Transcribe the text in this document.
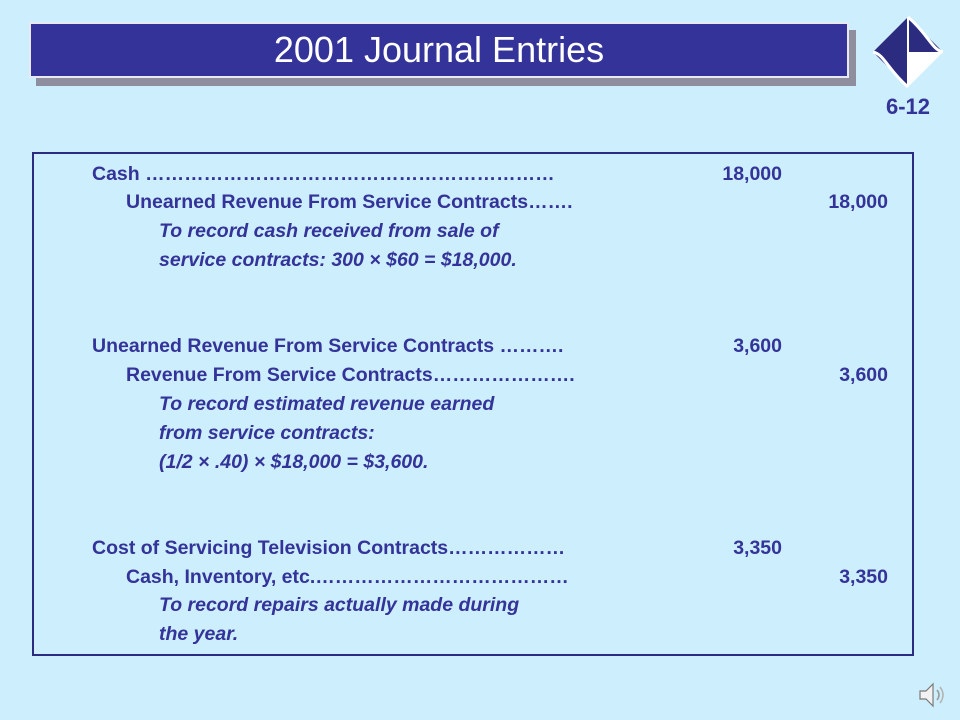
2001 Journal Entries
6-12
Cash ………………………………………………………	18,000
Unearned Revenue From Service Contracts…….	18,000
To record cash received from sale of
service contracts: 300 × $60 = $18,000.
Unearned Revenue From Service Contracts ……….	3,600
Revenue From Service Contracts………………….	3,600
To record estimated revenue earned
from service contracts:
(1/2 × .40) × $18,000 = $3,600.
Cost of Servicing Television Contracts………………	3,350
Cash, Inventory, etc.…………………………………	3,350
To record repairs actually made during
the year.
